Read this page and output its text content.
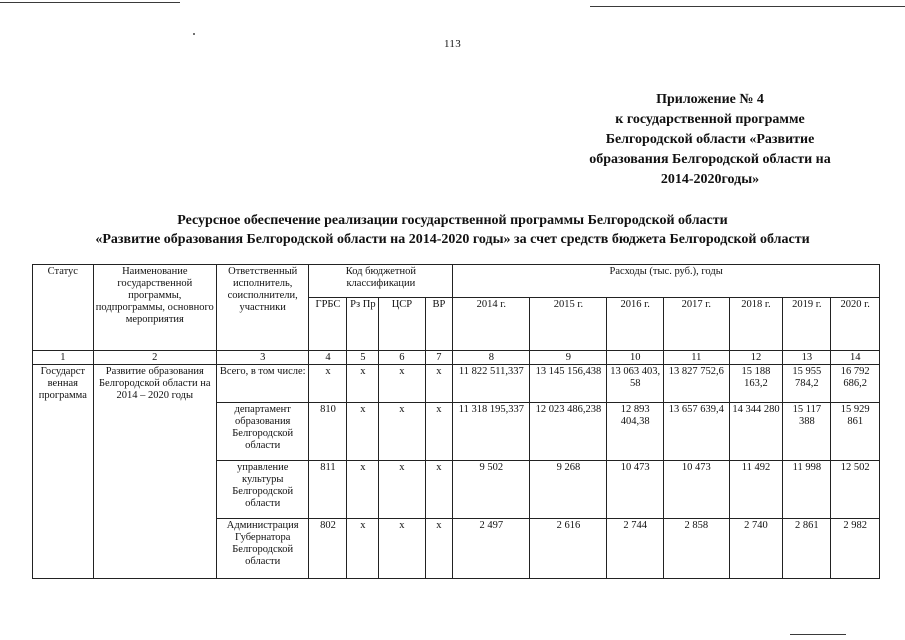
113
Приложение № 4
к государственной программе
Белгородской области «Развитие
образования Белгородской области на
2014-2020годы»
Ресурсное обеспечение реализации государственной программы Белгородской области
«Развитие образования Белгородской области на 2014-2020 годы» за счет средств бюджета Белгородской области
Статус	Наименование государственной программы, подпрограммы, основного мероприятия	Ответственный исполнитель, соисполнители, участники	Код бюджетной классификации				Расходы (тыс. руб.), годы						
			ГРБС	Рз Пр	ЦСР	ВР	2014 г.	2015 г.	2016 г.	2017 г.	2018 г.	2019 г.	2020 г.
1	2	3	4	5	6	7	8	9	10	11	12	13	14
Государст венная программа	Развитие образования Белгородской области на 2014 – 2020 годы	Всего, в том числе:	x	x	x	x	11 822 511,337	13 145 156,438	13 063 403, 58	13 827 752,6	15 188 163,2	15 955 784,2	16 792 686,2
		департамент образования Белгородской области	810	x	x	x	11 318 195,337	12 023 486,238	12 893 404,38	13 657 639,4	14 344 280	15 117 388	15 929 861
		управление культуры Белгородской области	811	x	x	x	9 502	9 268	10 473	10 473	11 492	11 998	12 502
		Администрация Губернатора Белгородской области	802	x	x	x	2 497	2 616	2 744	2 858	2 740	2 861	2 982
